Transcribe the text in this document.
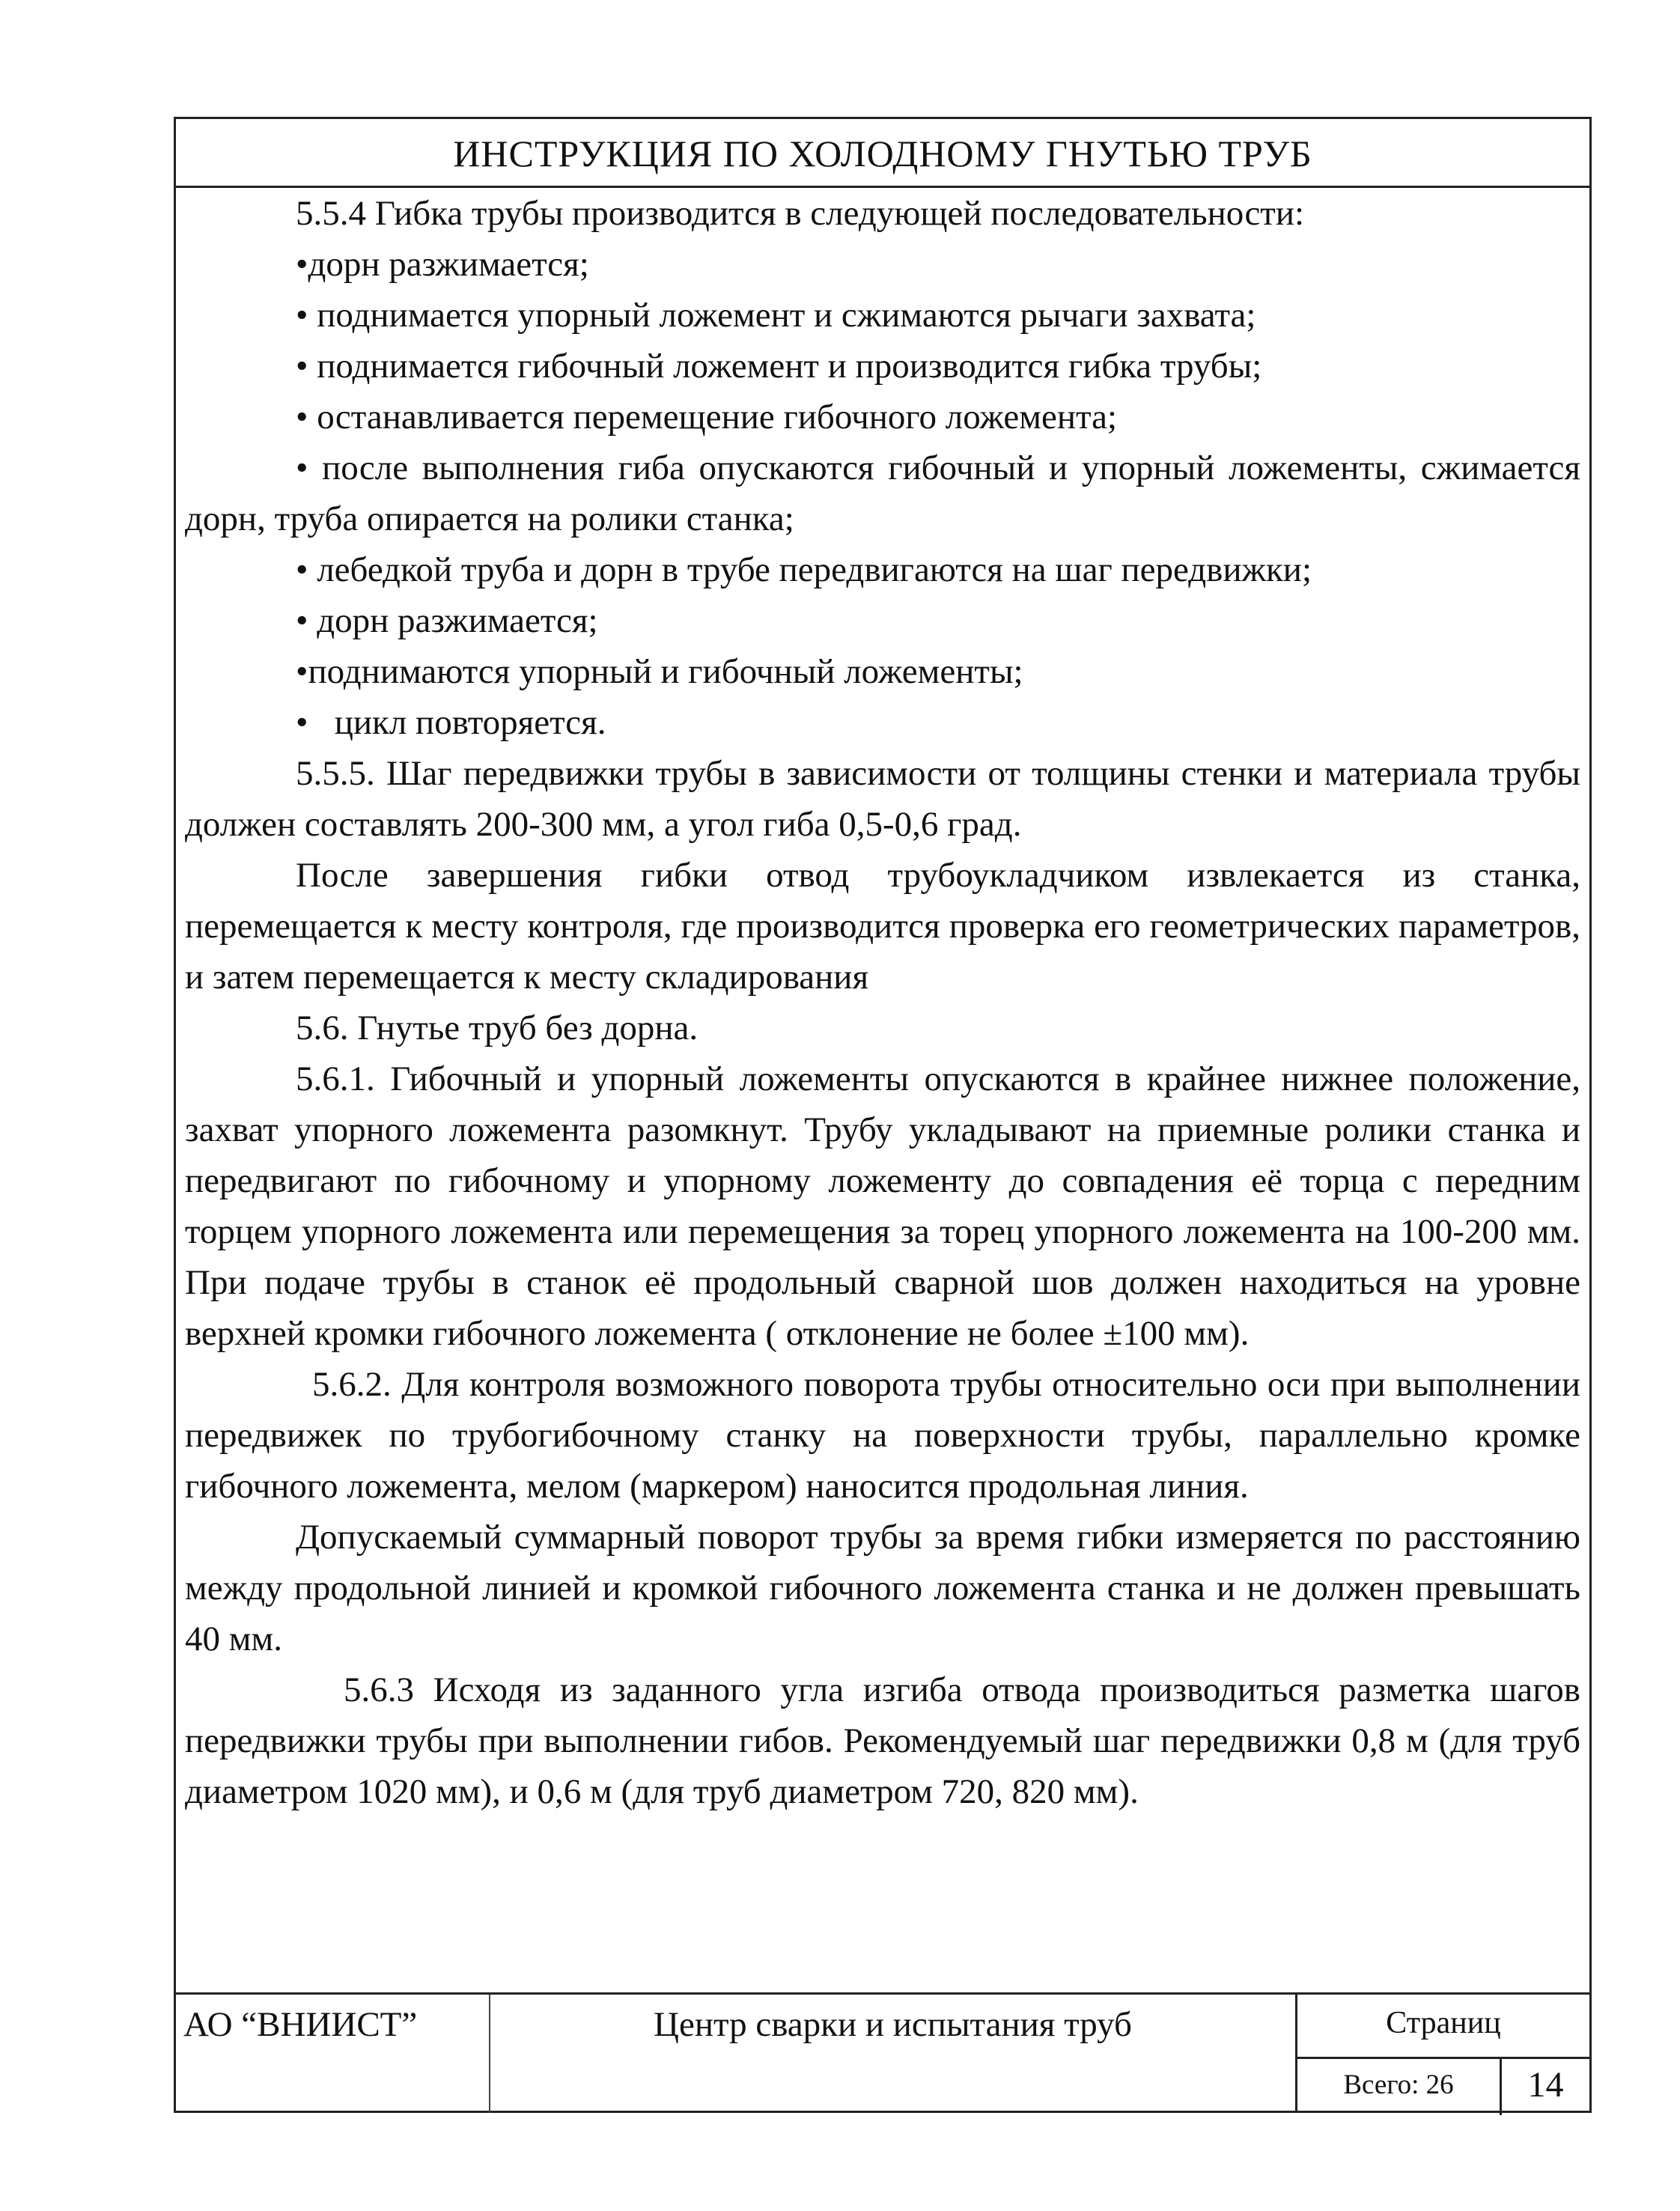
ИНСТРУКЦИЯ ПО ХОЛОДНОМУ ГНУТЬЮ ТРУБ

5.5.4 Гибка трубы производится в следующей последовательности:

•дорн разжимается;

• поднимается упорный ложемент и сжимаются рычаги захвата;

• поднимается гибочный ложемент и производится гибка трубы;

• останавливается перемещение гибочного ложемента;

• после выполнения гиба опускаются гибочный и упорный ложементы, сжимается дорн, труба опирается на ролики станка;

• лебедкой труба и дорн в трубе передвигаются на шаг передвижки;

• дорн разжимается;

•поднимаются упорный и гибочный ложементы;

•   цикл повторяется.

5.5.5. Шаг передвижки трубы в зависимости от толщины стенки и материала трубы должен составлять 200-300 мм, а угол гиба 0,5-0,6 град.

После завершения гибки отвод трубоукладчиком извлекается из станка, перемещается к месту контроля, где производится проверка его геометрических параметров, и затем перемещается к месту складирования

5.6. Гнутье труб без дорна.

5.6.1. Гибочный и упорный ложементы опускаются в крайнее нижнее положение, захват упорного ложемента разомкнут. Трубу укладывают на приемные ролики станка и передвигают по гибочному и упорному ложементу до совпадения её торца с передним торцем упорного ложемента или перемещения за торец упорного ложемента на 100-200 мм. При подаче трубы в станок её продольный сварной шов должен находиться на уровне верхней кромки гибочного ложемента ( отклонение не более ±100 мм).

5.6.2. Для контроля возможного поворота трубы относительно оси при выполнении передвижек по трубогибочному станку на поверхности трубы, параллельно кромке гибочного ложемента, мелом (маркером) наносится продольная линия.

Допускаемый суммарный поворот трубы за время гибки измеряется по расстоянию между продольной линией и кромкой гибочного ложемента станка и не должен превышать 40 мм.

5.6.3 Исходя из заданного угла изгиба отвода производиться разметка шагов передвижки трубы при выполнении гибов. Рекомендуемый шаг передвижки 0,8 м (для труб диаметром 1020 мм), и 0,6 м (для труб диаметром 720, 820 мм).

АО “ВНИИСТ”	Центр сварки и испытания труб	Страниц
Всего: 26	14
